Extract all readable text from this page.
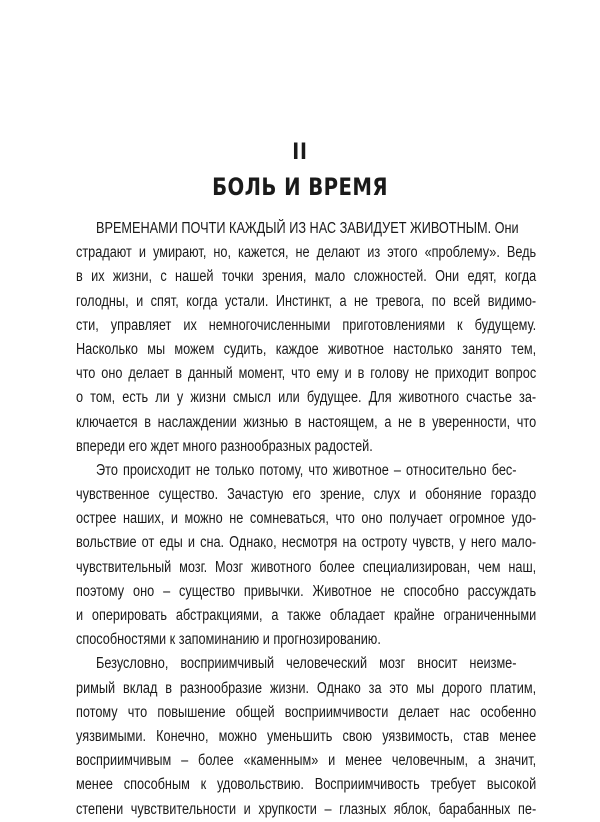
II
БОЛЬ И ВРЕМЯ
ВРЕМЕНАМИ ПОЧТИ КАЖДЫЙ ИЗ НАС ЗАВИДУЕТ ЖИВОТНЫМ. Они
страдают и умирают, но, кажется, не делают из этого «проблему». Ведь
в их жизни, с нашей точки зрения, мало сложностей. Они едят, когда
голодны, и спят, когда устали. Инстинкт, а не тревога, по всей видимо-
сти, управляет их немногочисленными приготовлениями к будущему.
Насколько мы можем судить, каждое животное настолько занято тем,
что оно делает в данный момент, что ему и в голову не приходит вопрос
о том, есть ли у жизни смысл или будущее. Для животного счастье за-
ключается в наслаждении жизнью в настоящем, а не в уверенности, что
впереди его ждет много разнообразных радостей.
Это происходит не только потому, что животное – относительно бес-
чувственное существо. Зачастую его зрение, слух и обоняние гораздо
острее наших, и можно не сомневаться, что оно получает огромное удо-
вольствие от еды и сна. Однако, несмотря на остроту чувств, у него мало-
чувствительный мозг. Мозг животного более специализирован, чем наш,
поэтому оно – существо привычки. Животное не способно рассуждать
и оперировать абстракциями, а также обладает крайне ограниченными
способностями к запоминанию и прогнозированию.
Безусловно, восприимчивый человеческий мозг вносит неизме-
римый вклад в разнообразие жизни. Однако за это мы дорого платим,
потому что повышение общей восприимчивости делает нас особенно
уязвимыми. Конечно, можно уменьшить свою уязвимость, став менее
восприимчивым – более «каменным» и менее человечным, а значит,
менее способным к удовольствию. Восприимчивость требует высокой
степени чувствительности и хрупкости – глазных яблок, барабанных пе-
